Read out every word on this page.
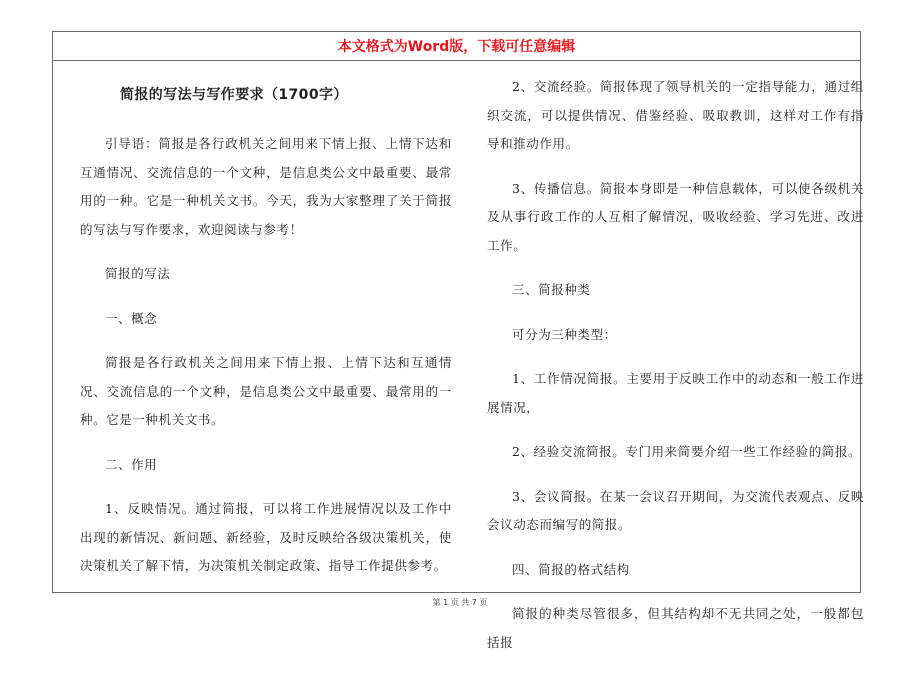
本文格式为Word版，下载可任意编辑
简报的写法与写作要求（1700字）

引导语：简报是各行政机关之间用来下情上报、上情下达和互通情况、交流信息的一个文种，是信息类公文中最重要、最常用的一种。它是一种机关文书。今天，我为大家整理了关于简报的写法与写作要求，欢迎阅读与参考！

简报的写法

一、概念

简报是各行政机关之间用来下情上报、上情下达和互通情况、交流信息的一个文种，是信息类公文中最重要、最常用的一种。它是一种机关文书。

二、作用

1、反映情况。通过简报，可以将工作进展情况以及工作中出现的新情况、新问题、新经验，及时反映给各级决策机关，使决策机关了解下情，为决策机关制定政策、指导工作提供参考。

2、交流经验。简报体现了领导机关的一定指导能力，通过组织交流，可以提供情况、借鉴经验、吸取教训，这样对工作有指导和推动作用。

3、传播信息。简报本身即是一种信息载体，可以使各级机关及从事行政工作的人互相了解情况，吸收经验、学习先进、改进工作。

三、简报种类

可分为三种类型：

1、工作情况简报。主要用于反映工作中的动态和一般工作进展情况，

2、经验交流简报。专门用来简要介绍一些工作经验的简报。

3、会议简报。在某一会议召开期间，为交流代表观点、反映会议动态而编写的简报。

四、简报的格式结构

简报的种类尽管很多，但其结构却不无共同之处，一般都包括报

第 1 页 共 7 页
